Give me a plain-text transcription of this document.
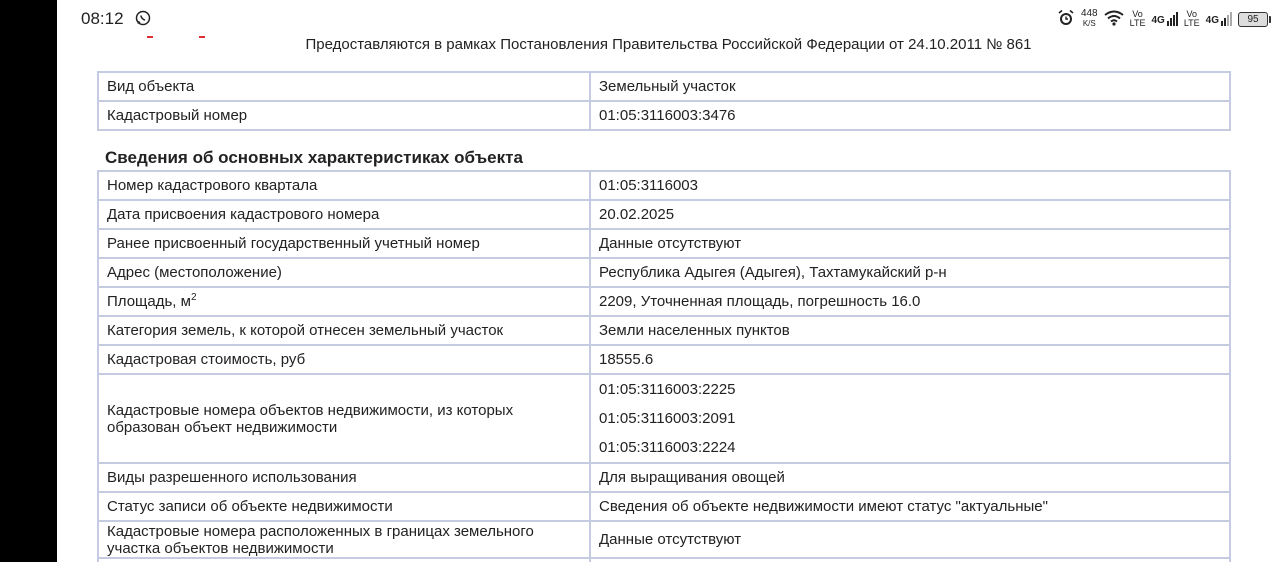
08:12	448
K/S
Vo
LTE 4G
Vo
LTE 4G	95
Предоставляются в рамках Постановления Правительства Российской Федерации от 24.10.2011 № 861
Вид объекта	Земельный участок
Кадастровый номер	01:05:3116003:3476
Сведения об основных характеристиках объекта
Номер кадастрового квартала	01:05:3116003
Дата присвоения кадастрового номера	20.02.2025
Ранее присвоенный государственный учетный номер	Данные отсутствуют
Адрес (местоположение)	Республика Адыгея (Адыгея), Тахтамукайский р-н
Площадь, $м^2$	2209, Уточненная площадь, погрешность 16.0
Категория земель, к которой отнесен земельный участок	Земли населенных пунктов
Кадастровая стоимость, руб	18555.6
Кадастровые номера объектов недвижимости, из которых образован объект недвижимости	01:05:3116003:2225
01:05:3116003:2091
01:05:3116003:2224

Виды разрешенного использования	Для выращивания овощей
Статус записи об объекте недвижимости	Сведения об объекте недвижимости имеют статус "актуальные"
Кадастровые номера расположенных в границах земельного участка объектов недвижимости	Данные отсутствуют
